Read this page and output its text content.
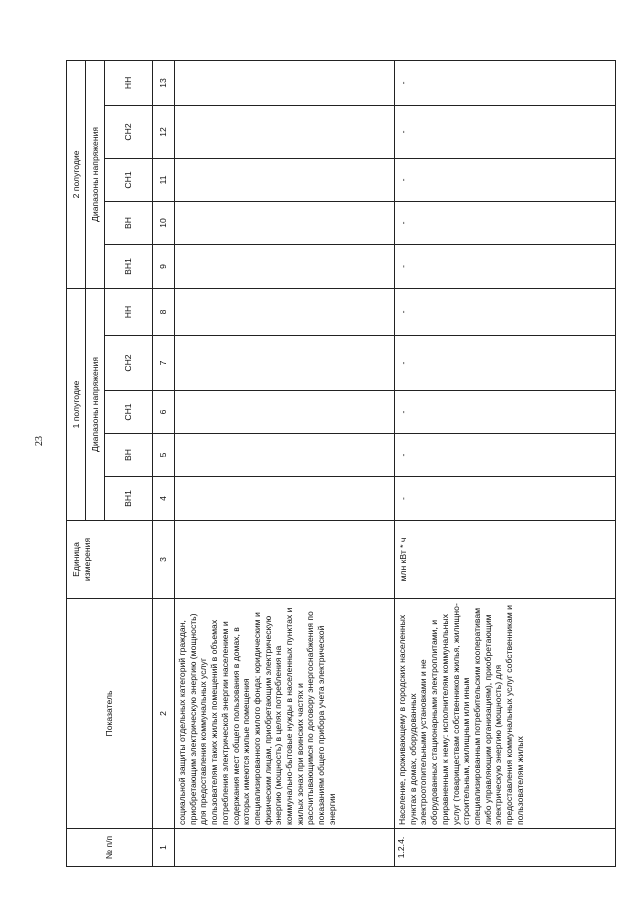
23
№ п/п	Показатель	Единица измерения	1 полугодие					2 полугодие				
			Диапазоны напряжения					Диапазоны напряжения				
			ВН1	ВН	СН1	СН2	НН	ВН1	ВН	СН1	СН2	НН
1	2	3	4	5	6	7	8	9	10	11	12	13
	социальной защиты отдельных категорий граждан, приобретающим электрическую энергию (мощность) для предоставления коммунальных услуг пользователям таких жилых помещений в объемах потребления электрической энергии населением и содержания мест общего пользования в домах, в которых имеются жилые помещения специализированного жилого фонда; юридическим и физическим лицам, приобретающим электрическую энергию (мощность) в целях потребления на коммунально-бытовые нужды в населенных пунктах и жилых зонах при воинских частях и рассчитывающимся по договору энергоснабжения по показаниям общего прибора учета электрической энергии											
1.2.4.	Население, проживающему в городских населенных пунктах в домах, оборудованных электроотопительными установками и не оборудованных стационарными электроплитами, и приравненным к нему: исполнителям коммунальных услуг (товариществам собственников жилья, жилищно-строительным, жилищным или иным специализированным потребительским кооперативам либо управляющим организациям), приобретающим электрическую энергию (мощность) для предоставления коммунальных услуг собственникам и пользователям жилых	млн кВт * ч	-	-	-	-	-	-	-	-	-	-
